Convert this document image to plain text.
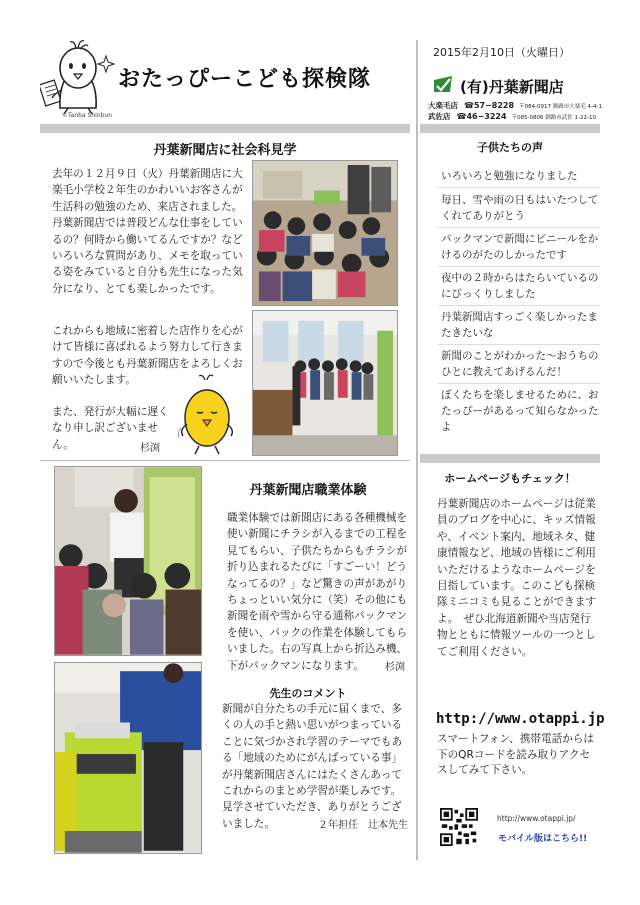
©Tanba Shinbun
おたっぴーこども探検隊
2015年2月10日（火曜日）
(有)丹葉新聞店
大楽毛店 ☎57−8228 〒084-0917 釧路市大楽毛 4-4-1
武佐店 ☎46−3224 〒085-0806 釧路市武佐 1-22-10
丹葉新聞店に社会科見学

去年の１２月９日（火）丹葉新聞店に大楽毛小学校２年生のかわいいお客さんが生活科の勉強のため、来店されました。丹葉新聞店では普段どんな仕事をしているの？何時から働いてるんですか？などいろいろな質問があり、メモを取っている姿をみていると自分も先生になった気分になり、とても楽しかったです。

これからも地域に密着した店作りを心がけて皆様に喜ばれるよう努力して行きますので今後とも丹葉新聞店をよろしくお願いいたします。
また、発行が大幅に遅くなり申し訳ございません。	杉渕
子供たちの声
いろいろと勉強になりました
毎日、雪や雨の日もはいたつしてくれてありがとう
パックマンで新聞にビニールをかけるのがたのしかったです
夜中の２時からはたらいているのにびっくりしました
丹葉新聞店すっごく楽しかったまたきたいな
新聞のことがわかった～おうちのひとに教えてあげるんだ！
ぼくたちを楽しませるために、おたっぴーがあるって知らなかったよ
丹葉新聞店職業体験
職業体験では新聞店にある各種機械を使い新聞にチラシが入るまでの工程を見てもらい、子供たちからもチラシが折り込まれるたびに「すごーい！どうなってるの？」など驚きの声があがりちょっといい気分に（笑）その他にも新聞を雨や雪から守る通称パックマンを使い、パックの作業を体験してもらいました。右の写真上から折込み機、下がパックマンになります。	杉渕
先生のコメント
新聞が自分たちの手元に届くまで、多くの人の手と熱い思いがつまっていることに気づかされ学習のテーマでもある「地域のためにがんばっている事」が丹葉新聞店さんにはたくさんあってこれからのまとめ学習が楽しみです。見学させていただき、ありがとうございました。	２年担任　辻本先生
ホームページもチェック！
丹葉新聞店のホームページは従業員のブログを中心に、キッズ情報や、イベント案内、地域ネタ、健康情報など、地域の皆様にご利用いただけるようなホームページを目指しています。このこども探検隊ミニコミも見ることができますよ。　ぜひ北海道新聞や当店発行物とともに情報ツールの一つとしてご利用ください。
http://www.otappi.jp
スマートフォン、携帯電話からは下のQRコードを読み取りアクセスしてみて下さい。
http://www.otappi.jp/
モバイル版はこちら!!
